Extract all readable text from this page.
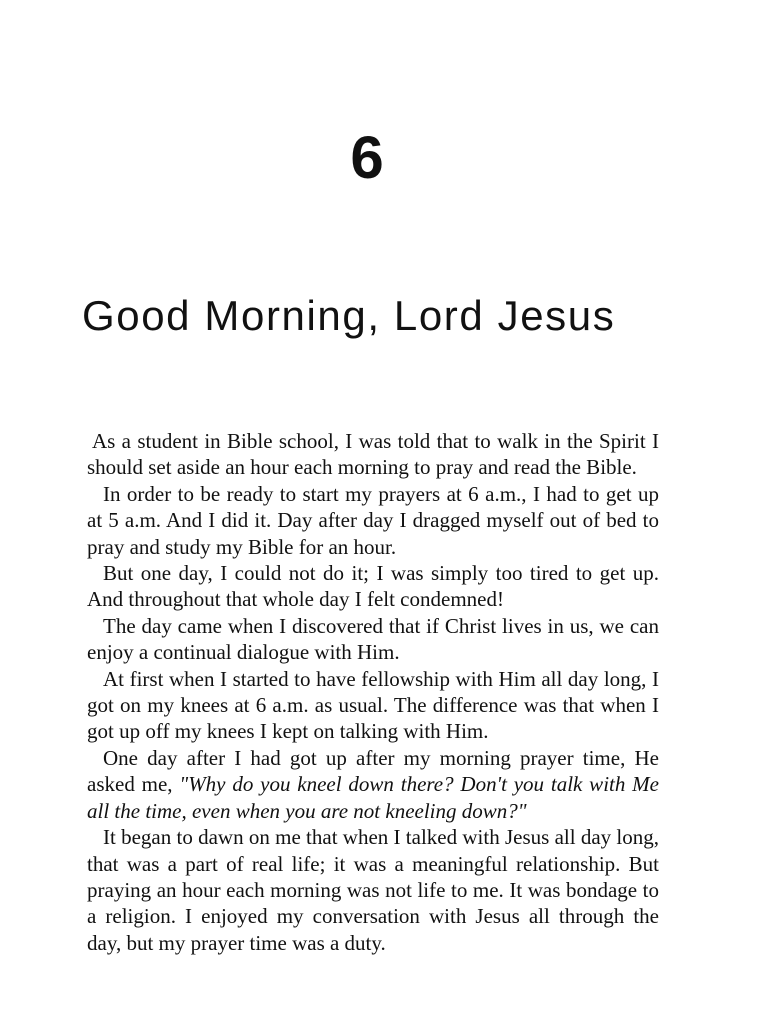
6
Good Morning, Lord Jesus

As a student in Bible school, I was told that to walk in the Spirit I should set aside an hour each morning to pray and read the Bible.

In order to be ready to start my prayers at 6 a.m., I had to get up at 5 a.m. And I did it. Day after day I dragged myself out of bed to pray and study my Bible for an hour.

But one day, I could not do it; I was simply too tired to get up. And throughout that whole day I felt condemned!

The day came when I discovered that if Christ lives in us, we can enjoy a continual dialogue with Him.

At first when I started to have fellowship with Him all day long, I got on my knees at 6 a.m. as usual. The difference was that when I got up off my knees I kept on talking with Him.

One day after I had got up after my morning prayer time, He asked me, "Why do you kneel down there? Don't you talk with Me all the time, even when you are not kneeling down?"

It began to dawn on me that when I talked with Jesus all day long, that was a part of real life; it was a meaningful relationship. But praying an hour each morning was not life to me. It was bondage to a religion. I enjoyed my conversation with Jesus all through the day, but my prayer time was a duty.
